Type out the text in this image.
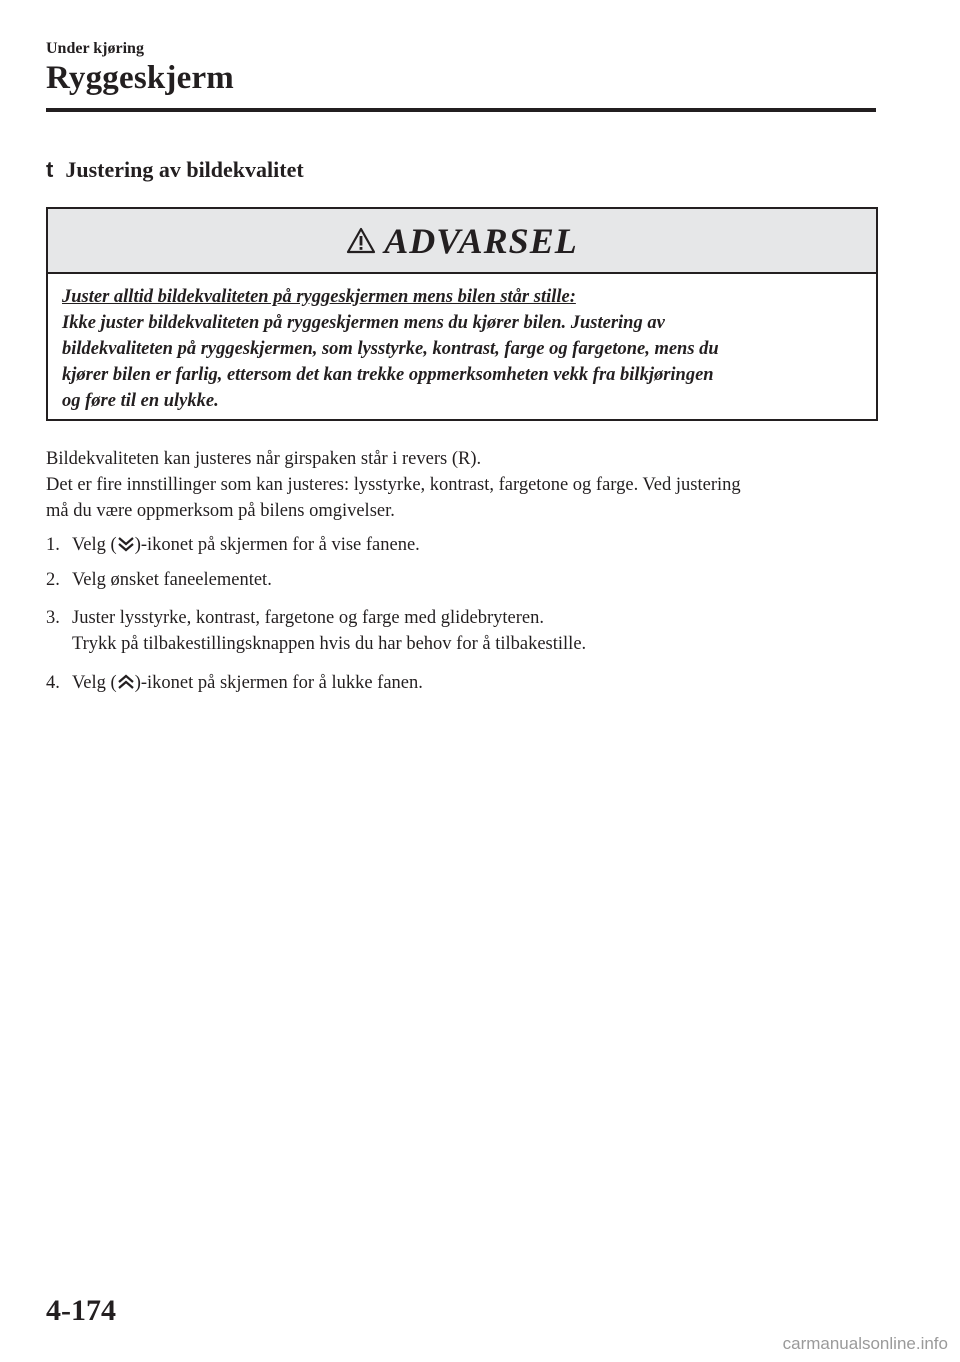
Under kjøring
Ryggeskjerm
t Justering av bildekvalitet
ADVARSEL
Juster alltid bildekvaliteten på ryggeskjermen mens bilen står stille:
Ikke juster bildekvaliteten på ryggeskjermen mens du kjører bilen. Justering av
bildekvaliteten på ryggeskjermen, som lysstyrke, kontrast, farge og fargetone, mens du
kjører bilen er farlig, ettersom det kan trekke oppmerksomheten vekk fra bilkjøringen
og føre til en ulykke.
Bildekvaliteten kan justeres når girspaken står i revers (R).
Det er fire innstillinger som kan justeres: lysstyrke, kontrast, fargetone og farge. Ved justering
må du være oppmerksom på bilens omgivelser.
1. Velg ( )-ikonet på skjermen for å vise fanene.
2. Velg ønsket faneelementet.
3. Juster lysstyrke, kontrast, fargetone og farge med glidebryteren.
Trykk på tilbakestillingsknappen hvis du har behov for å tilbakestille.
4. Velg ( )-ikonet på skjermen for å lukke fanen.
4-174
carmanualsonline.info
